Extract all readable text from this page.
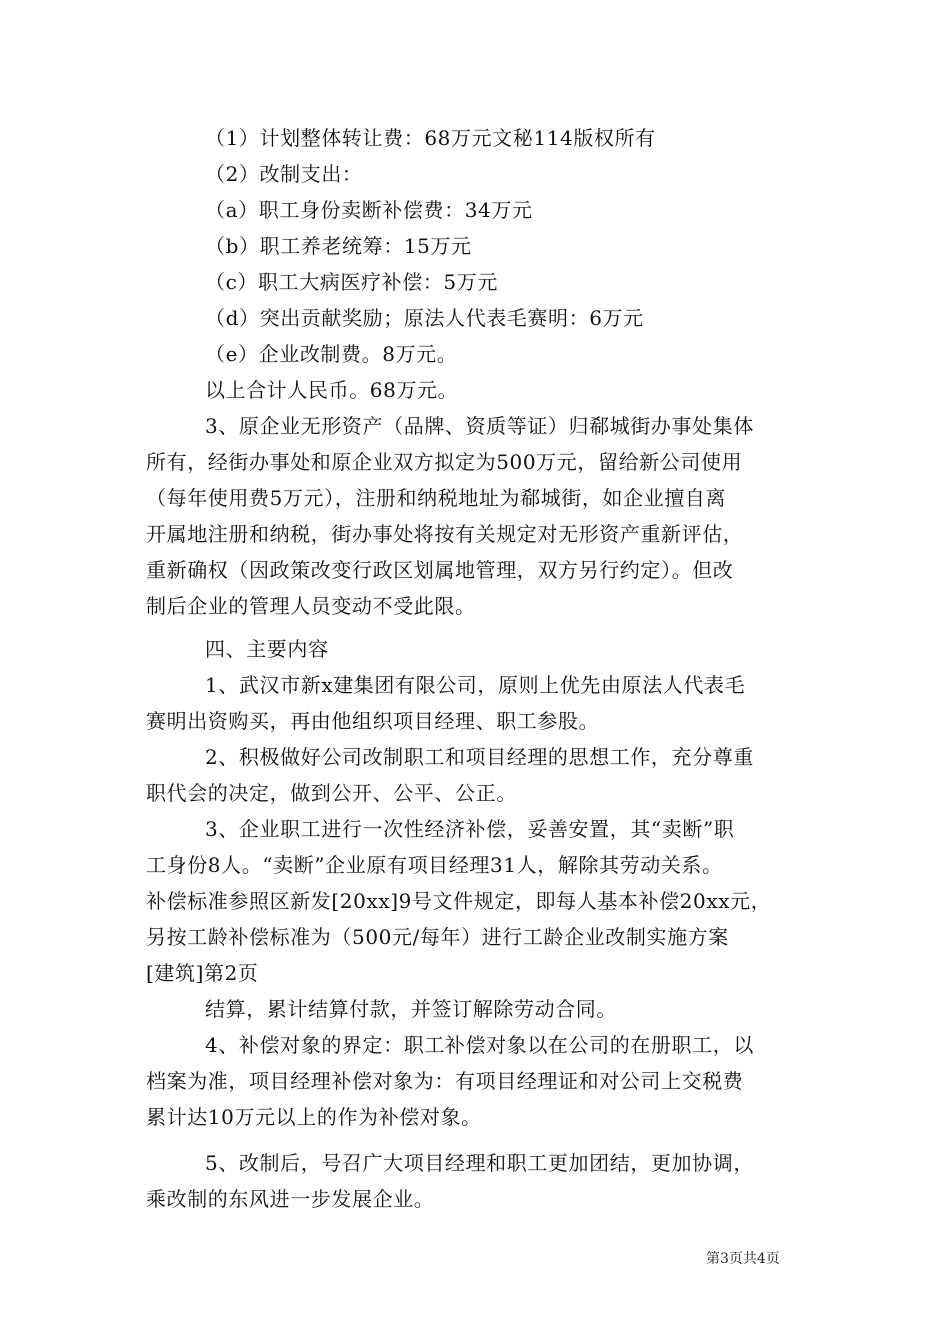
（1）计划整体转让费：68万元文秘114版权所有
（2）改制支出：
（a）职工身份卖断补偿费：34万元
（b）职工养老统筹：15万元
（c）职工大病医疗补偿：5万元
（d）突出贡献奖励；原法人代表毛赛明：6万元
（e）企业改制费。8万元。
以上合计人民币。68万元。
3、原企业无形资产（品牌、资质等证）归郗城街办事处集体
所有，经街办事处和原企业双方拟定为500万元，留给新公司使用
（每年使用费5万元），注册和纳税地址为郗城街，如企业擅自离
开属地注册和纳税，街办事处将按有关规定对无形资产重新评估，
重新确权（因政策改变行政区划属地管理，双方另行约定）。但改
制后企业的管理人员变动不受此限。
四、主要内容
1、武汉市新x建集团有限公司，原则上优先由原法人代表毛
赛明出资购买，再由他组织项目经理、职工参股。
2、积极做好公司改制职工和项目经理的思想工作，充分尊重
职代会的决定，做到公开、公平、公正。
3、企业职工进行一次性经济补偿，妥善安置，其“卖断”职
工身份8人。“卖断”企业原有项目经理31人，解除其劳动关系。
补偿标准参照区新发[20xx]9号文件规定，即每人基本补偿20xx元，
另按工龄补偿标准为（500元/每年）进行工龄企业改制实施方案
[建筑]第2页
结算，累计结算付款，并签订解除劳动合同。
4、补偿对象的界定：职工补偿对象以在公司的在册职工，以
档案为准，项目经理补偿对象为：有项目经理证和对公司上交税费
累计达10万元以上的作为补偿对象。
5、改制后，号召广大项目经理和职工更加团结，更加协调，
乘改制的东风进一步发展企业。
第3页共4页
